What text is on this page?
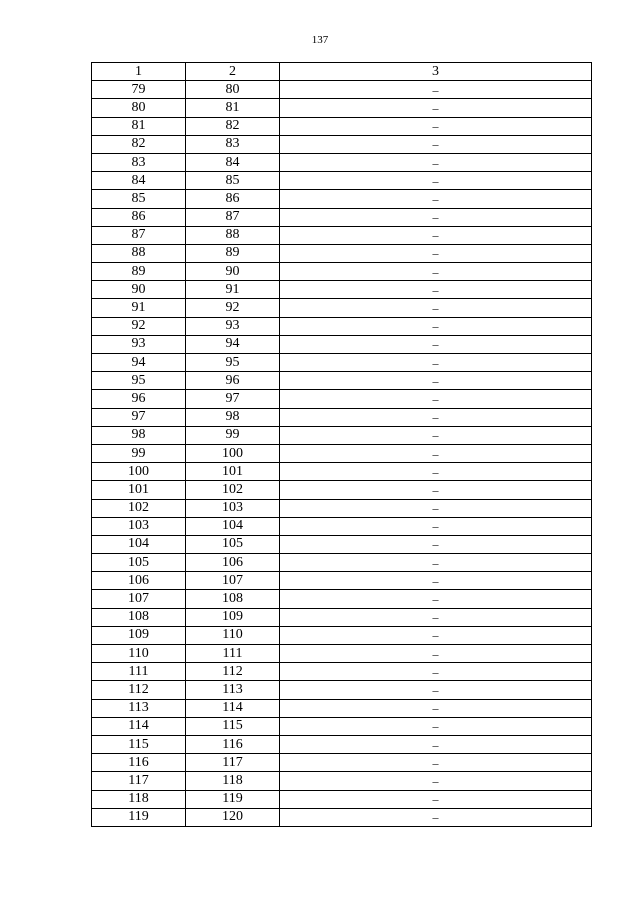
137
1	2	3
79	80	–
80	81	–
81	82	–
82	83	–
83	84	–
84	85	–
85	86	–
86	87	–
87	88	–
88	89	–
89	90	–
90	91	–
91	92	–
92	93	–
93	94	–
94	95	–
95	96	–
96	97	–
97	98	–
98	99	–
99	100	–
100	101	–
101	102	–
102	103	–
103	104	–
104	105	–
105	106	–
106	107	–
107	108	–
108	109	–
109	110	–
110	111	–
111	112	–
112	113	–
113	114	–
114	115	–
115	116	–
116	117	–
117	118	–
118	119	–
119	120	–
